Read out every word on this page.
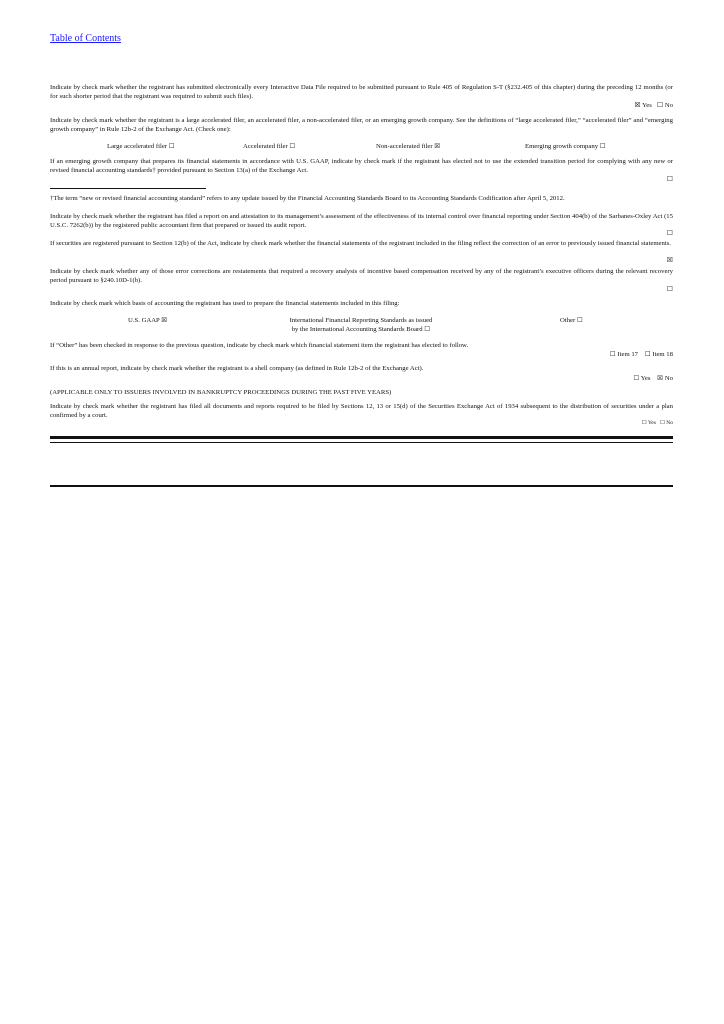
Table of Contents
Indicate by check mark whether the registrant has submitted electronically every Interactive Data File required to be submitted pursuant to Rule 405 of Regulation S-T (§232.405 of this chapter) during the preceding 12 months (or for such shorter period that the registrant was required to submit such files).
☒ Yes ☐ No
Indicate by check mark whether the registrant is a large accelerated filer, an accelerated filer, a non-accelerated filer, or an emerging growth company. See the definitions of “large accelerated filer,” “accelerated filer” and “emerging growth company” in Rule 12b-2 of the Exchange Act. (Check one):
Large accelerated filer ☐	Accelerated filer ☐	Non-accelerated filer ☒	Emerging growth company ☐
If an emerging growth company that prepares its financial statements in accordance with U.S. GAAP, indicate by check mark if the registrant has elected not to use the extended transition period for complying with any new or revised financial accounting standards† provided pursuant to Section 13(a) of the Exchange Act.
☐
†The term “new or revised financial accounting standard” refers to any update issued by the Financial Accounting Standards Board to its Accounting Standards Codification after April 5, 2012.
Indicate by check mark whether the registrant has filed a report on and attestation to its management’s assessment of the effectiveness of its internal control over financial reporting under Section 404(b) of the Sarbanes-Oxley Act (15 U.S.C. 7262(b)) by the registered public accountant firm that prepared or issued its audit report.
☐
If securities are registered pursuant to Section 12(b) of the Act, indicate by check mark whether the financial statements of the registrant included in the filing reflect the correction of an error to previously issued financial statements.
☒
Indicate by check mark whether any of those error corrections are restatements that required a recovery analysis of incentive based compensation received by any of the registrant’s executive officers during the relevant recovery period pursuant to §240.10D-1(b).
☐
Indicate by check mark which basis of accounting the registrant has used to prepare the financial statements included in this filing:
U.S. GAAP ☒	International Financial Reporting Standards as issued
by the International Accounting Standards Board ☐
Other ☐
If “Other” has been checked in response to the previous question, indicate by check mark which financial statement item the registrant has elected to follow.
☐ Item 17 ☐ Item 18
If this is an annual report, indicate by check mark whether the registrant is a shell company (as defined in Rule 12b-2 of the Exchange Act).
☐ Yes ☒ No
(APPLICABLE ONLY TO ISSUERS INVOLVED IN BANKRUPTCY PROCEEDINGS DURING THE PAST FIVE YEARS)
Indicate by check mark whether the registrant has filed all documents and reports required to be filed by Sections 12, 13 or 15(d) of the Securities Exchange Act of 1934 subsequent to the distribution of securities under a plan confirmed by a court.
☐ Yes ☐ No
